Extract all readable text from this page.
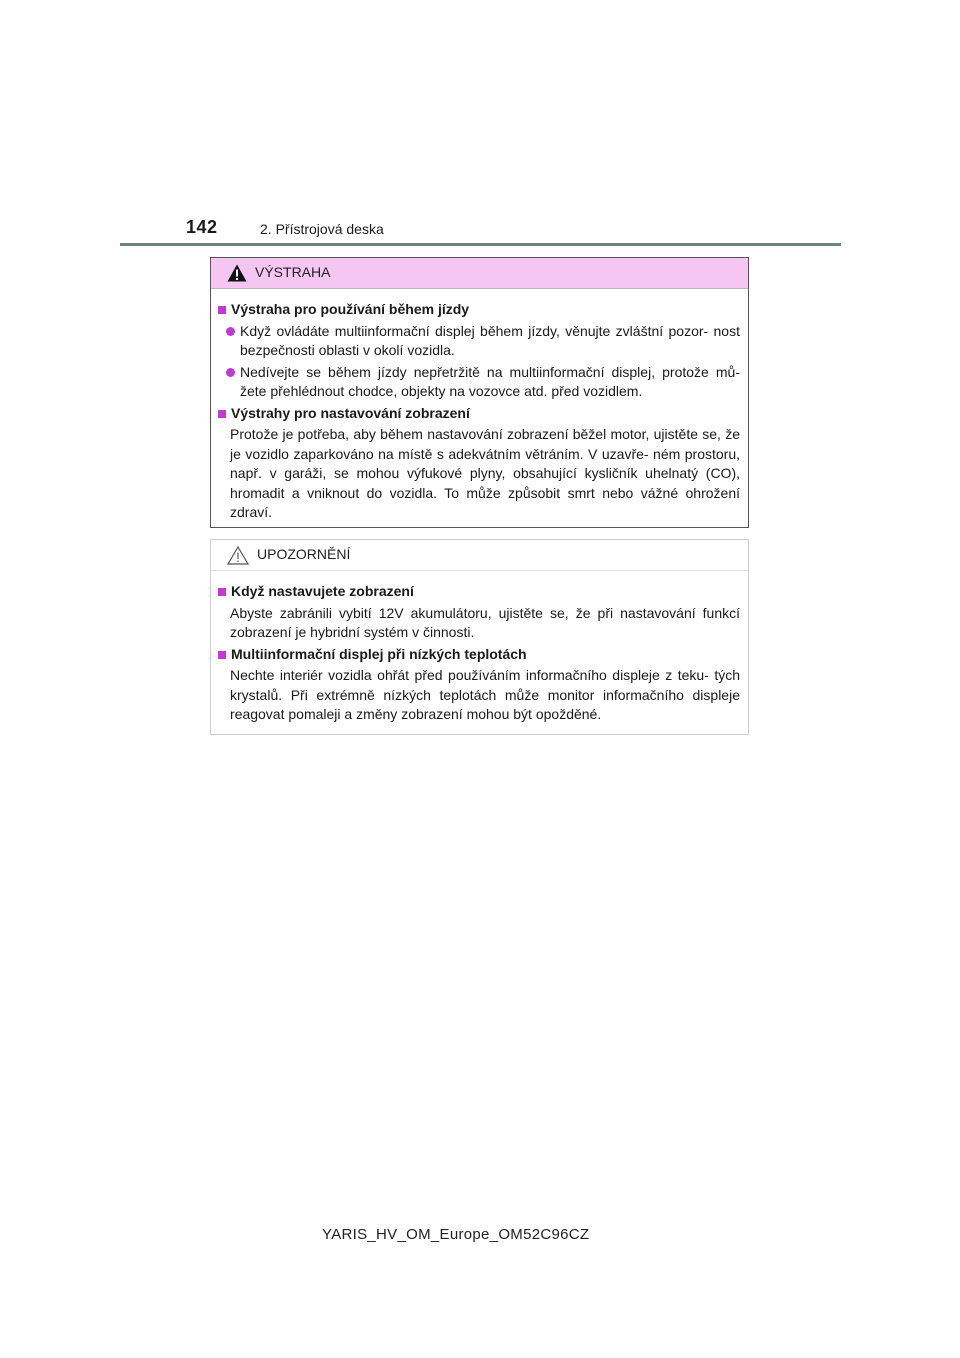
142	2. Přístrojová deska
VÝSTRAHA
Výstraha pro používání během jízdy
Když ovládáte multiinformační displej během jízdy, věnujte zvláštní pozor- nost bezpečnosti oblasti v okolí vozidla.
Nedívejte se během jízdy nepřetržitě na multiinformační displej, protože mů- žete přehlédnout chodce, objekty na vozovce atd. před vozidlem.
Výstrahy pro nastavování zobrazení
Protože je potřeba, aby během nastavování zobrazení běžel motor, ujistěte se, že je vozidlo zaparkováno na místě s adekvátním větráním. V uzavře- ném prostoru, např. v garáži, se mohou výfukové plyny, obsahující kysličník uhelnatý (CO), hromadit a vniknout do vozidla. To může způsobit smrt nebo vážné ohrožení zdraví.
UPOZORNĚNÍ
Když nastavujete zobrazení
Abyste zabránili vybití 12V akumulátoru, ujistěte se, že při nastavování funkcí zobrazení je hybridní systém v činnosti.
Multiinformační displej při nízkých teplotách
Nechte interiér vozidla ohřát před používáním informačního displeje z teku- tých krystalů. Při extrémně nízkých teplotách může monitor informačního displeje reagovat pomaleji a změny zobrazení mohou být opožděné.
YARIS_HV_OM_Europe_OM52C96CZ
